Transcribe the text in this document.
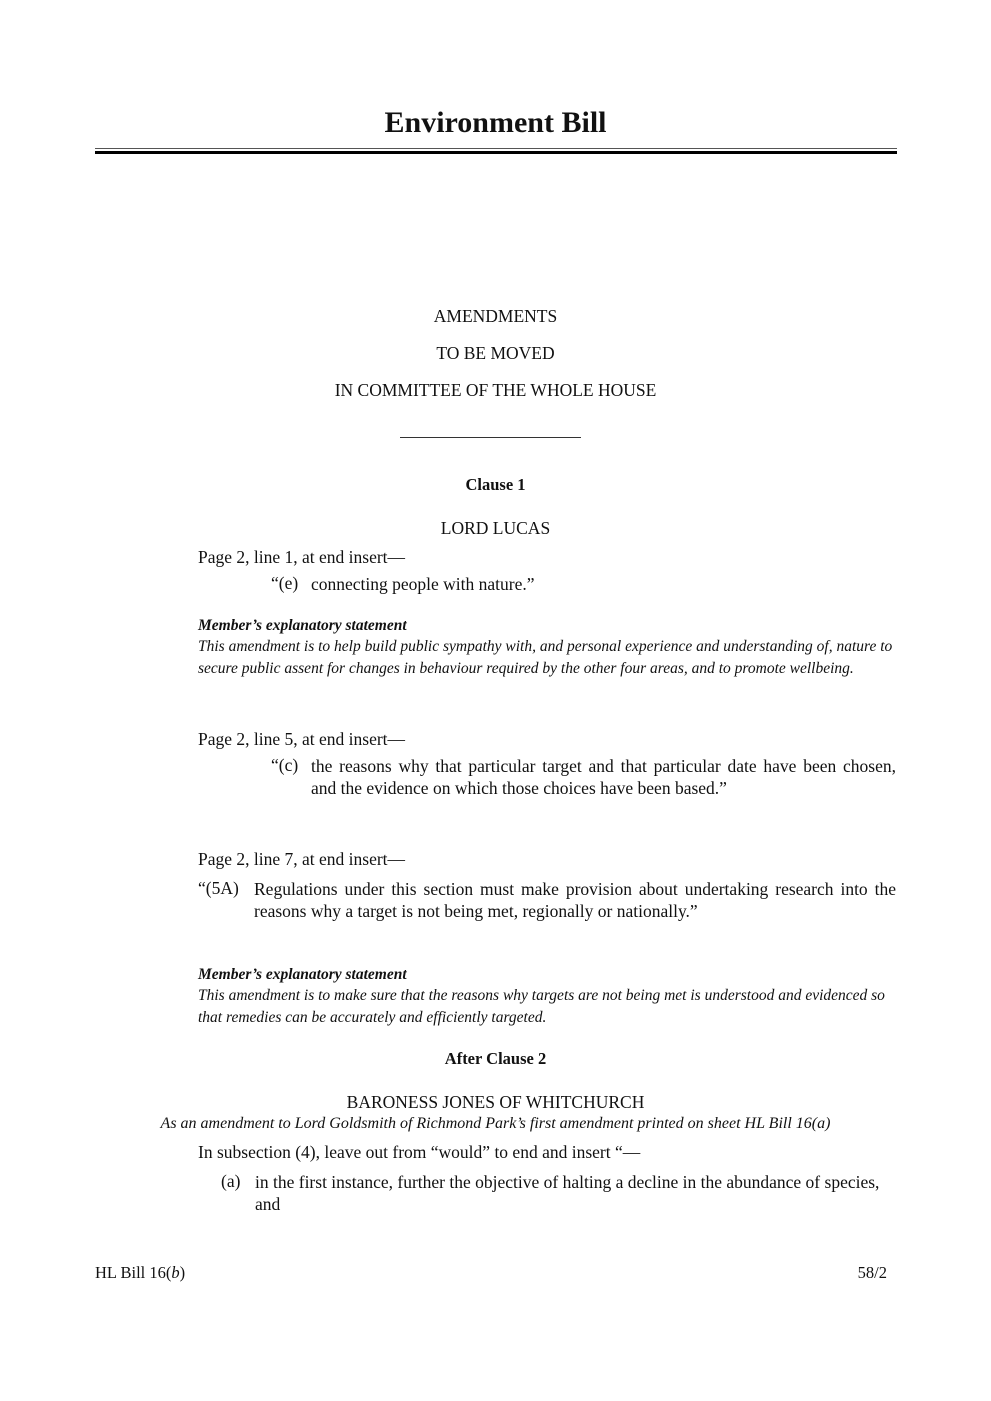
Environment Bill
AMENDMENTS
TO BE MOVED
IN COMMITTEE OF THE WHOLE HOUSE
Clause 1
LORD LUCAS
Page 2, line 1, at end insert—
“(e) connecting people with nature.”
Member’s explanatory statement
This amendment is to help build public sympathy with, and personal experience and understanding of, nature to secure public assent for changes in behaviour required by the other four areas, and to promote wellbeing.
Page 2, line 5, at end insert—
“(c) the reasons why that particular target and that particular date have been chosen, and the evidence on which those choices have been based.”
Page 2, line 7, at end insert—
“(5A) Regulations under this section must make provision about undertaking research into the reasons why a target is not being met, regionally or nationally.”
Member’s explanatory statement
This amendment is to make sure that the reasons why targets are not being met is understood and evidenced so that remedies can be accurately and efficiently targeted.
After Clause 2
BARONESS JONES OF WHITCHURCH
As an amendment to Lord Goldsmith of Richmond Park’s first amendment printed on sheet HL Bill 16(a)
In subsection (4), leave out from “would” to end and insert “—
(a) in the first instance, further the objective of halting a decline in the abundance of species, and
HL Bill 16(b)	58/2
